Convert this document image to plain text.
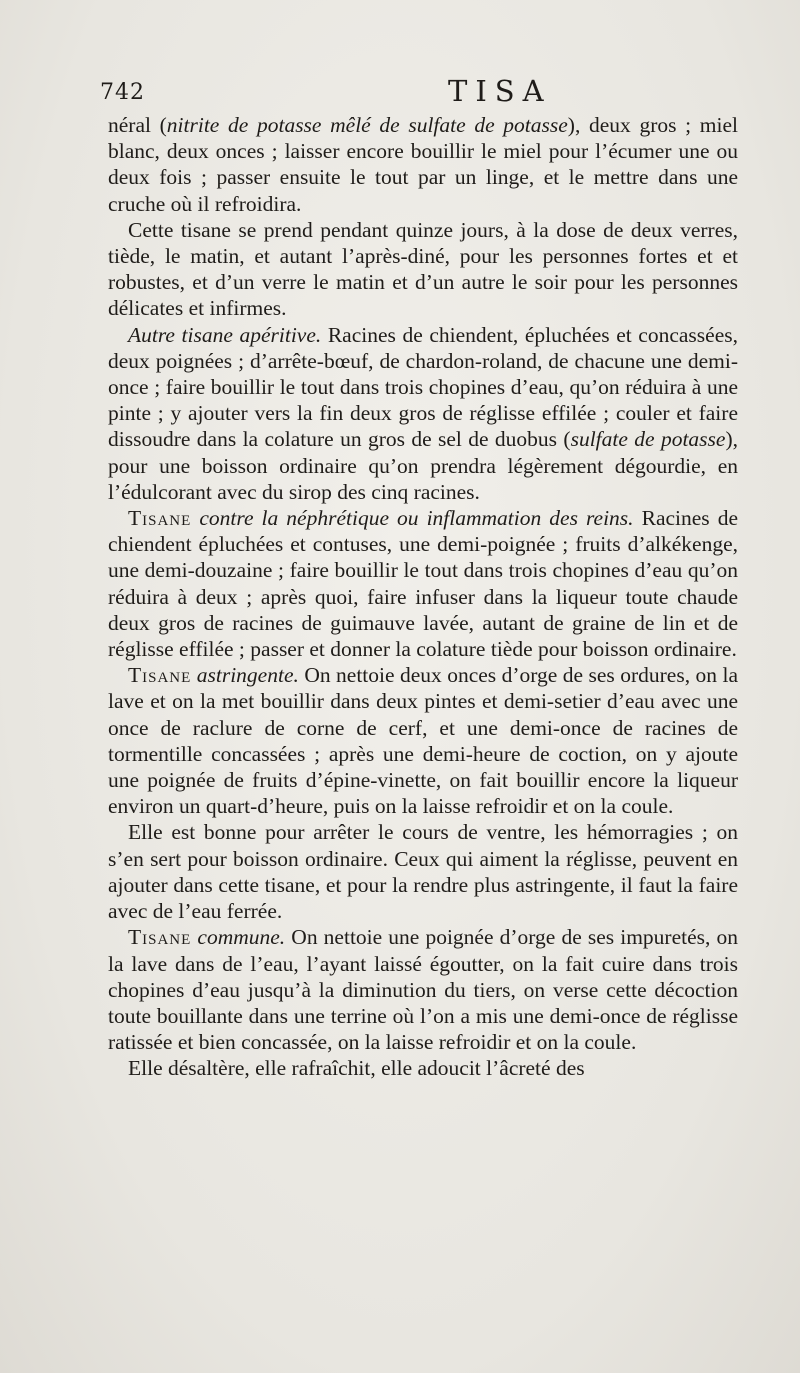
742	TISA

néral (nitrite de potasse mêlé de sulfate de potasse), deux gros ; miel blanc, deux onces ; laisser encore bouillir le miel pour l’écumer une ou deux fois ; passer ensuite le tout par un linge, et le mettre dans une cruche où il refroidira.

Cette tisane se prend pendant quinze jours, à la dose de deux verres, tiède, le matin, et autant l’après-diné, pour les personnes fortes et et robustes, et d’un verre le matin et d’un autre le soir pour les personnes délicates et infirmes.

Autre tisane apéritive. Racines de chiendent, épluchées et concassées, deux poignées ; d’arrête-bœuf, de chardon-roland, de chacune une demi-once ; faire bouillir le tout dans trois chopines d’eau, qu’on réduira à une pinte ; y ajouter vers la fin deux gros de réglisse effilée ; couler et faire dissoudre dans la colature un gros de sel de duobus (sulfate de potasse), pour une boisson ordinaire qu’on prendra légèrement dégourdie, en l’édulcorant avec du sirop des cinq racines.

Tisane contre la néphrétique ou inflammation des reins. Racines de chiendent épluchées et contuses, une demi-poignée ; fruits d’alkékenge, une demi-douzaine ; faire bouillir le tout dans trois chopines d’eau qu’on réduira à deux ; après quoi, faire infuser dans la liqueur toute chaude deux gros de racines de guimauve lavée, autant de graine de lin et de réglisse effilée ; passer et donner la colature tiède pour boisson ordinaire.

Tisane astringente. On nettoie deux onces d’orge de ses ordures, on la lave et on la met bouillir dans deux pintes et demi-setier d’eau avec une once de raclure de corne de cerf, et une demi-once de racines de tormentille concassées ; après une demi-heure de coction, on y ajoute une poignée de fruits d’épine-vinette, on fait bouillir encore la liqueur environ un quart-d’heure, puis on la laisse refroidir et on la coule.

Elle est bonne pour arrêter le cours de ventre, les hémorragies ; on s’en sert pour boisson ordinaire. Ceux qui aiment la réglisse, peuvent en ajouter dans cette tisane, et pour la rendre plus astringente, il faut la faire avec de l’eau ferrée.

Tisane commune. On nettoie une poignée d’orge de ses impuretés, on la lave dans de l’eau, l’ayant laissé égoutter, on la fait cuire dans trois chopines d’eau jusqu’à la diminution du tiers, on verse cette décoction toute bouillante dans une terrine où l’on a mis une demi-once de réglisse ratissée et bien concassée, on la laisse refroidir et on la coule.

Elle désaltère, elle rafraîchit, elle adoucit l’âcreté des
